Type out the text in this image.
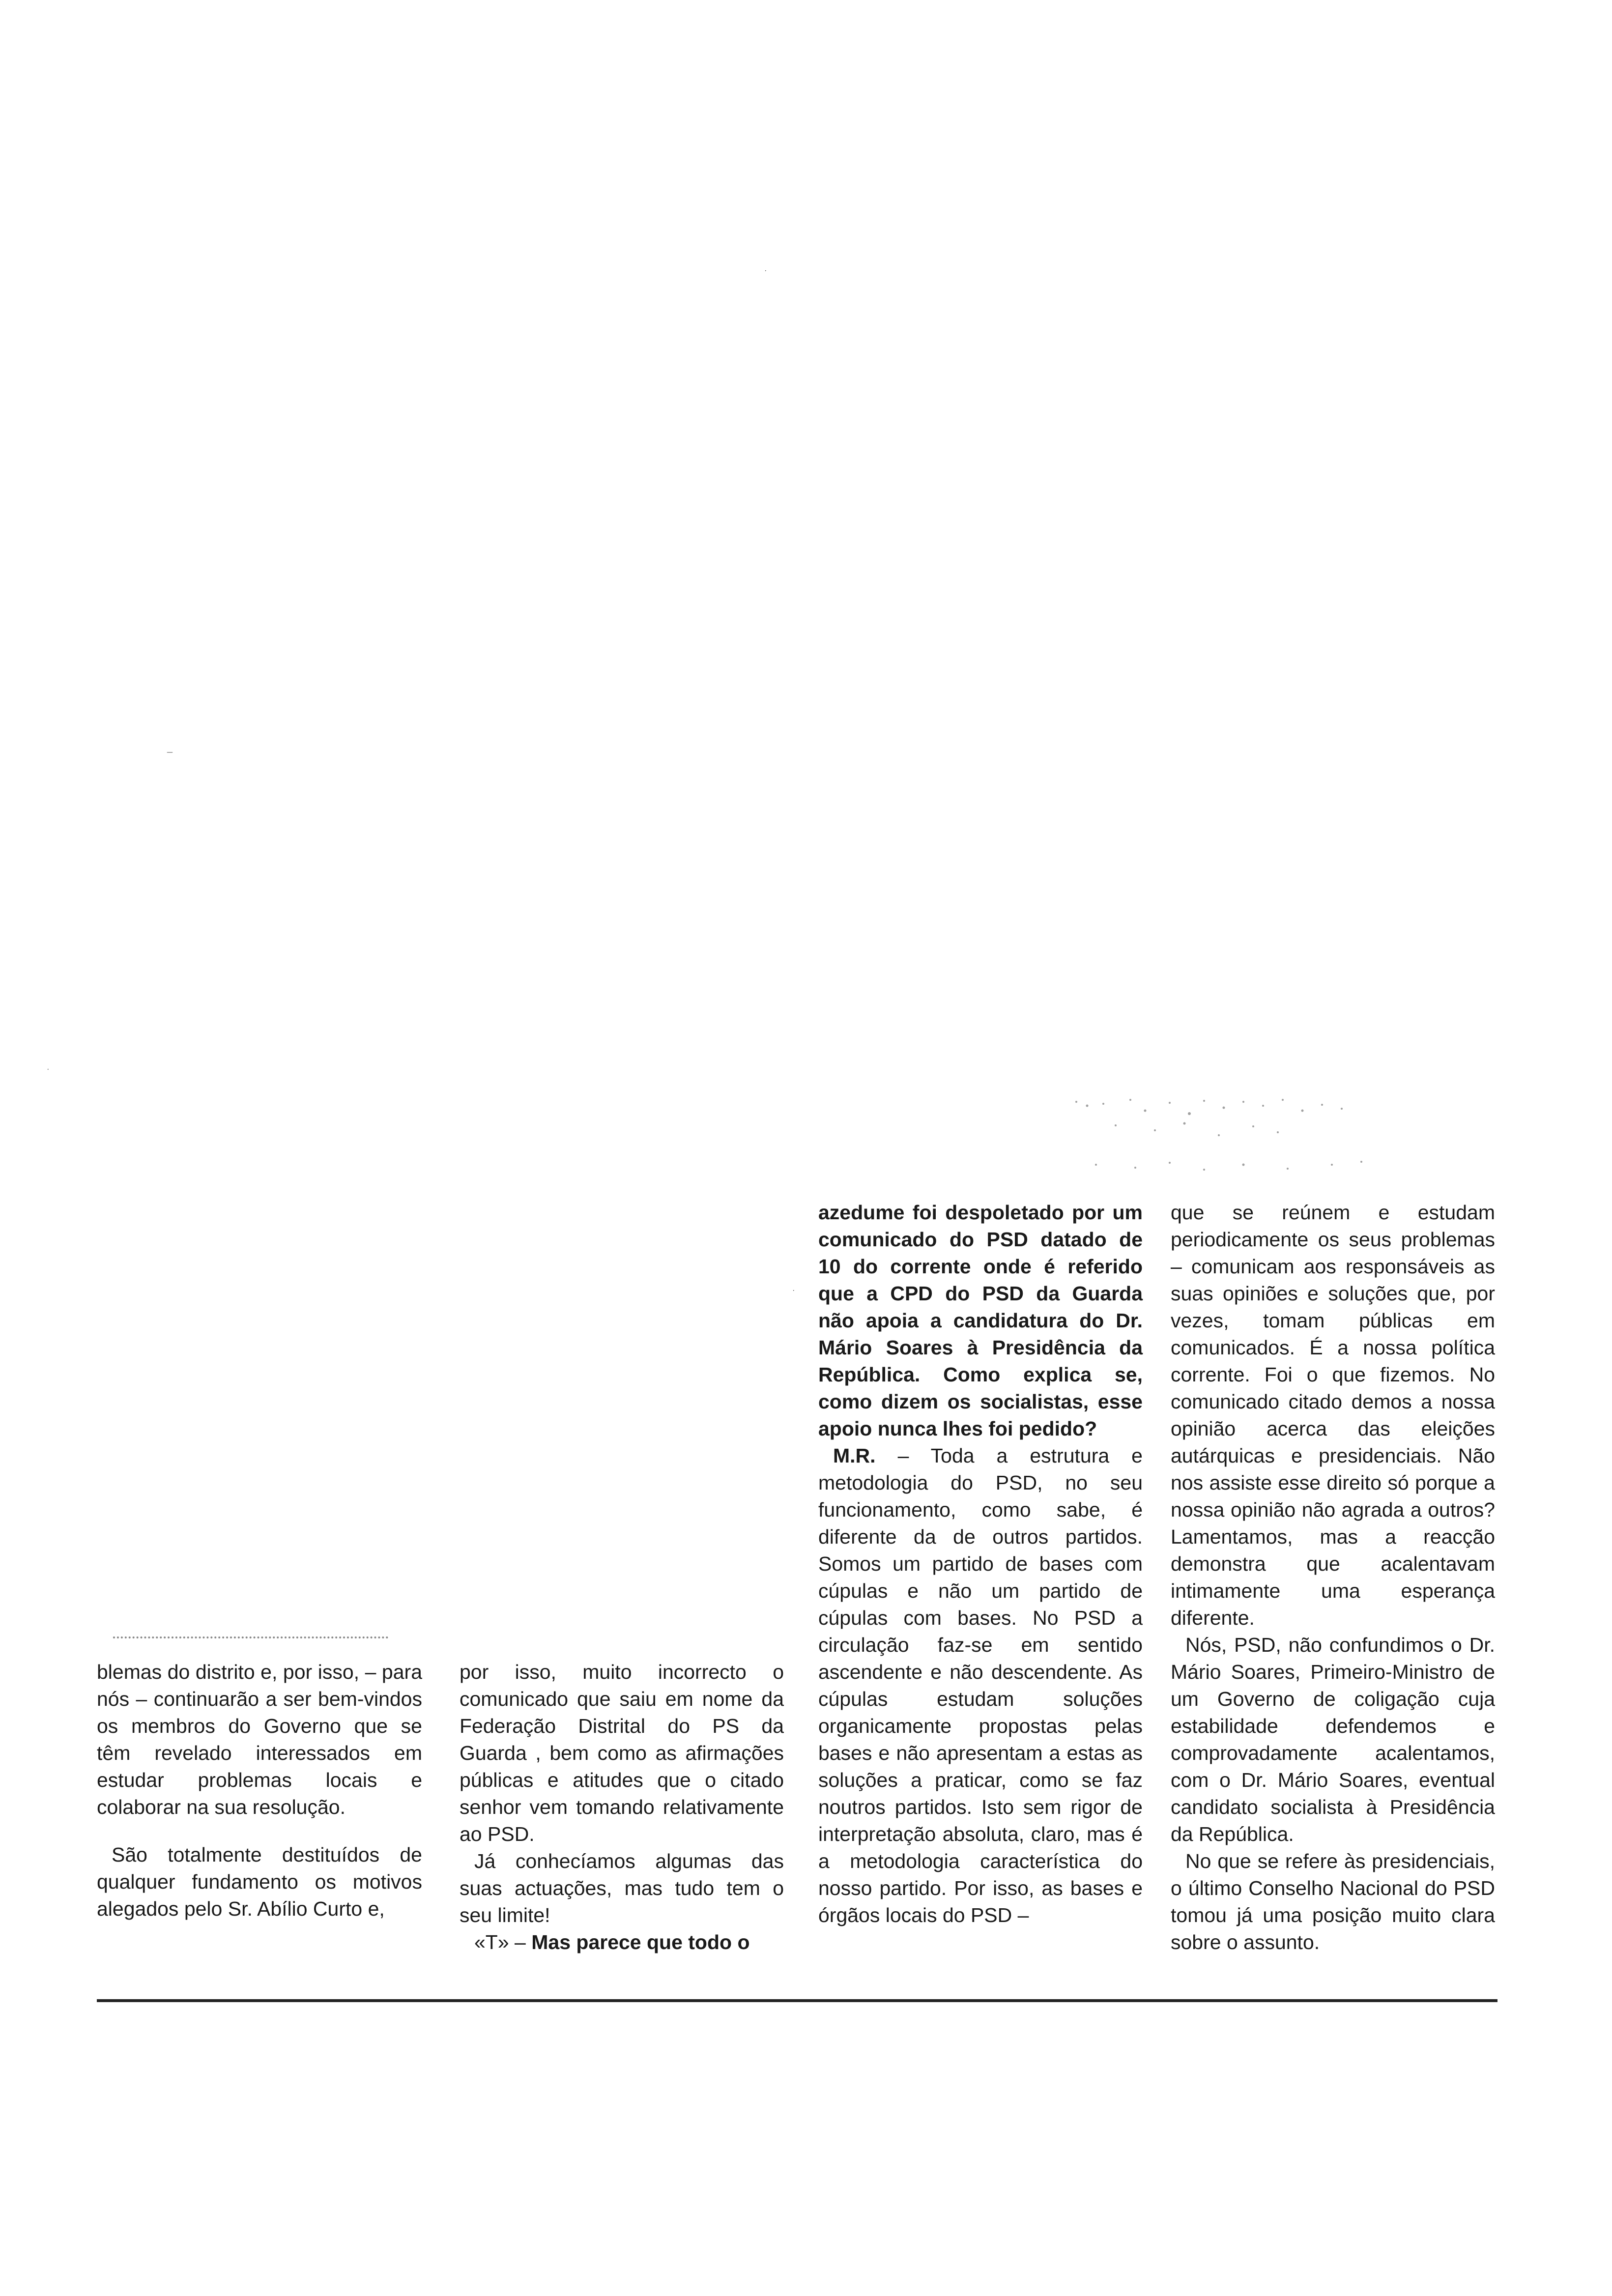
ˑ
¯
ˑ
ˑ

blemas do distrito e, por isso, – para nós – continuarão a ser bem-vindos os membros do Governo que se têm revelado interessados em estudar problemas locais e colaborar na sua resolução.

São totalmente destituídos de qualquer fundamento os motivos alegados pelo Sr. Abílio Curto e,

por isso, muito incorrecto o comunicado que saiu em nome da Federação Distrital do PS da Guarda , bem como as afirmações públicas e atitudes que o citado senhor vem tomando relativamente ao PSD.

Já conhecíamos algumas das suas actuações, mas tudo tem o seu limite!

«T» – Mas parece que todo o

azedume foi despoletado por um comunicado do PSD datado de 10 do corrente onde é referido que a CPD do PSD da Guarda não apoia a candidatura do Dr. Mário Soares à Presidência da República. Como explica se, como dizem os socialistas, esse apoio nunca lhes foi pedido?

M.R. – Toda a estrutura e metodologia do PSD, no seu funcionamento, como sabe, é diferente da de outros partidos. Somos um partido de bases com cúpulas e não um partido de cúpulas com bases. No PSD a circulação faz-se em sentido ascendente e não descendente. As cúpulas estudam soluções organicamente propostas pelas bases e não apresentam a estas as soluções a praticar, como se faz noutros partidos. Isto sem rigor de interpretação absoluta, claro, mas é a metodologia característica do nosso partido. Por isso, as bases e órgãos locais do PSD –

que se reúnem e estudam periodicamente os seus problemas – comunicam aos responsáveis as suas opiniões e soluções que, por vezes, tomam públicas em comunicados. É a nossa política corrente. Foi o que fizemos. No comunicado citado demos a nossa opinião acerca das eleições autárquicas e presidenciais. Não nos assiste esse direito só porque a nossa opinião não agrada a outros? Lamentamos, mas a reacção demonstra que acalentavam intimamente uma esperança diferente.

Nós, PSD, não confundimos o Dr. Mário Soares, Primeiro-Ministro de um Governo de coligação cuja estabilidade defendemos e comprovadamente acalentamos, com o Dr. Mário Soares, eventual candidato socialista à Presidência da República.

No que se refere às presidenciais, o último Conselho Nacional do PSD tomou já uma posição muito clara sobre o assunto.
